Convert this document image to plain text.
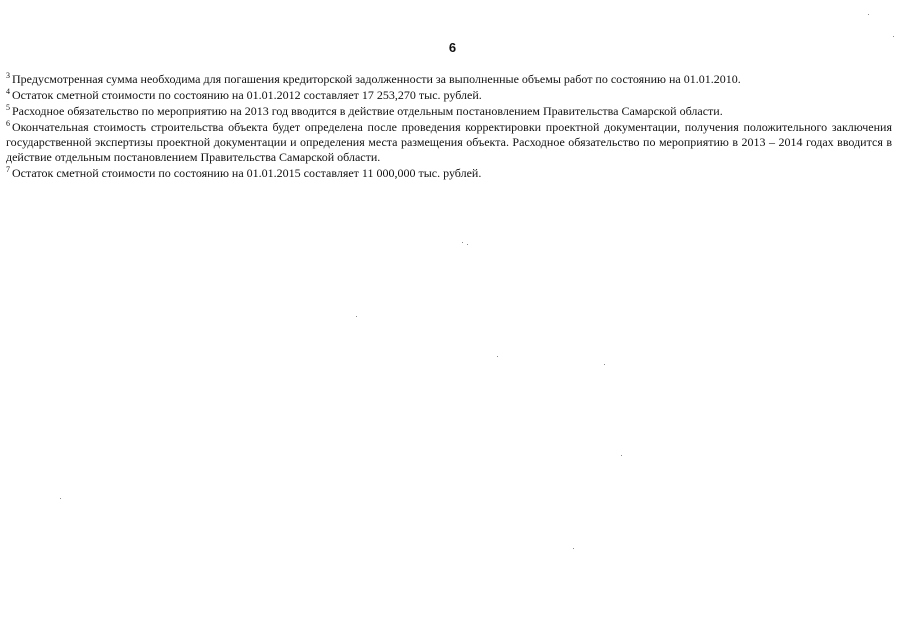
6

$^3$ Предусмотренная сумма необходима для погашения кредиторской задолженности за выполненные объемы работ по состоянию на 01.01.2010.

$^4$ Остаток сметной стоимости по состоянию на 01.01.2012 составляет 17 253,270 тыс. рублей.

$^5$ Расходное обязательство по мероприятию на 2013 год вводится в действие отдельным постановлением Правительства Самарской области.

$^6$ Окончательная стоимость строительства объекта будет определена после проведения корректировки проектной документации, получения положительного заключения государственной экспертизы проектной документации и определения места размещения объекта. Расходное обязательство по мероприятию в 2013 – 2014 годах вводится в действие отдельным постановлением Правительства Самарской области.

$^7$ Остаток сметной стоимости по состоянию на 01.01.2015 составляет 11 000,000 тыс. рублей.
